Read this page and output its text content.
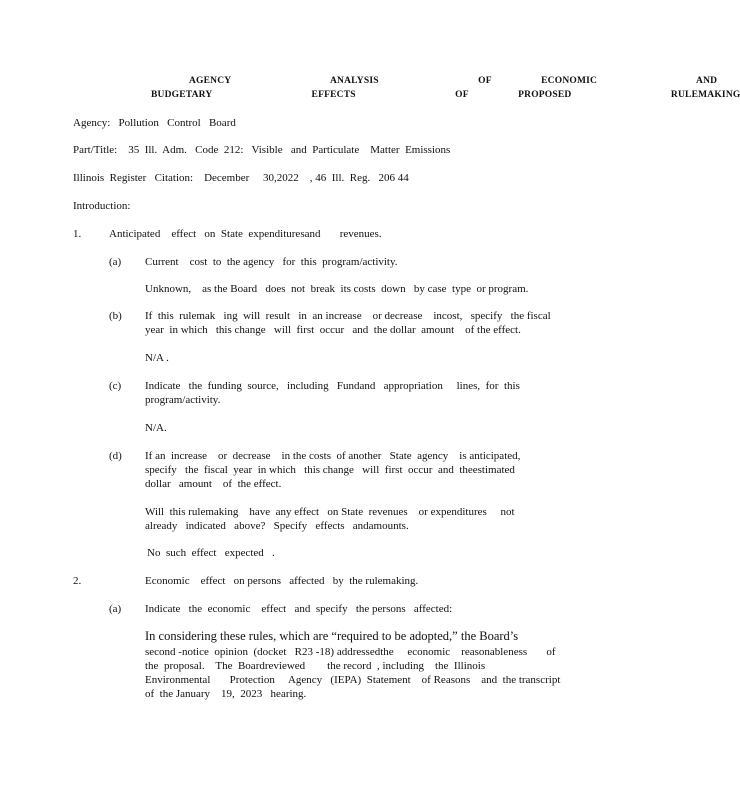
AGENCY      ANALYSIS      OF   ECONOMIC      AND
BUDGETARY      EFFECTS      OF   PROPOSED      RULEMAKING
Agency:   Pollution   Control   Board
Part/Title:    35  Ill.  Adm.   Code  212:   Visible   and  Particulate    Matter  Emissions
Illinois  Register   Citation:    December     30,2022    , 46  Ill.  Reg.   206 44
Introduction:
1.	Anticipated    effect   on  State  expendituresand       revenues.
(a) Current    cost  to  the agency   for  this  program/activity.
Unknown,    as the Board   does  not  break  its costs  down   by case  type  or program.
(b) If  this  rulemak   ing  will  result   in  an increase    or decrease    incost,   specify   the fiscal
year  in which   this change   will  first  occur   and  the dollar  amount    of the effect.
N/A .
(c) Indicate   the  funding  source,   including   Fundand   appropriation     lines,  for  this
program/activity.
N/A.
(d) If an  increase    or  decrease    in the costs  of another   State  agency    is anticipated,
specify   the  fiscal  year  in which   this change   will  first  occur  and  theestimated
dollar   amount    of  the effect.
Will  this rulemaking    have  any effect   on State  revenues    or expenditures     not
already   indicated   above?   Specify   effects   andamounts.
No  such  effect   expected   .
2.	Economic    effect   on persons   affected   by  the rulemaking.
(a) Indicate   the  economic    effect   and  specify   the persons   affected:
In considering these rules, which are “required to be adopted,” the Board’s
second -notice  opinion  (docket   R23 -18) addressedthe     economic    reasonableness       of
the  proposal.    The  Boardreviewed        the record  , including    the  Illinois
Environmental       Protection     Agency   (IEPA)  Statement    of Reasons    and  the transcript
of  the January    19,  2023   hearing.
